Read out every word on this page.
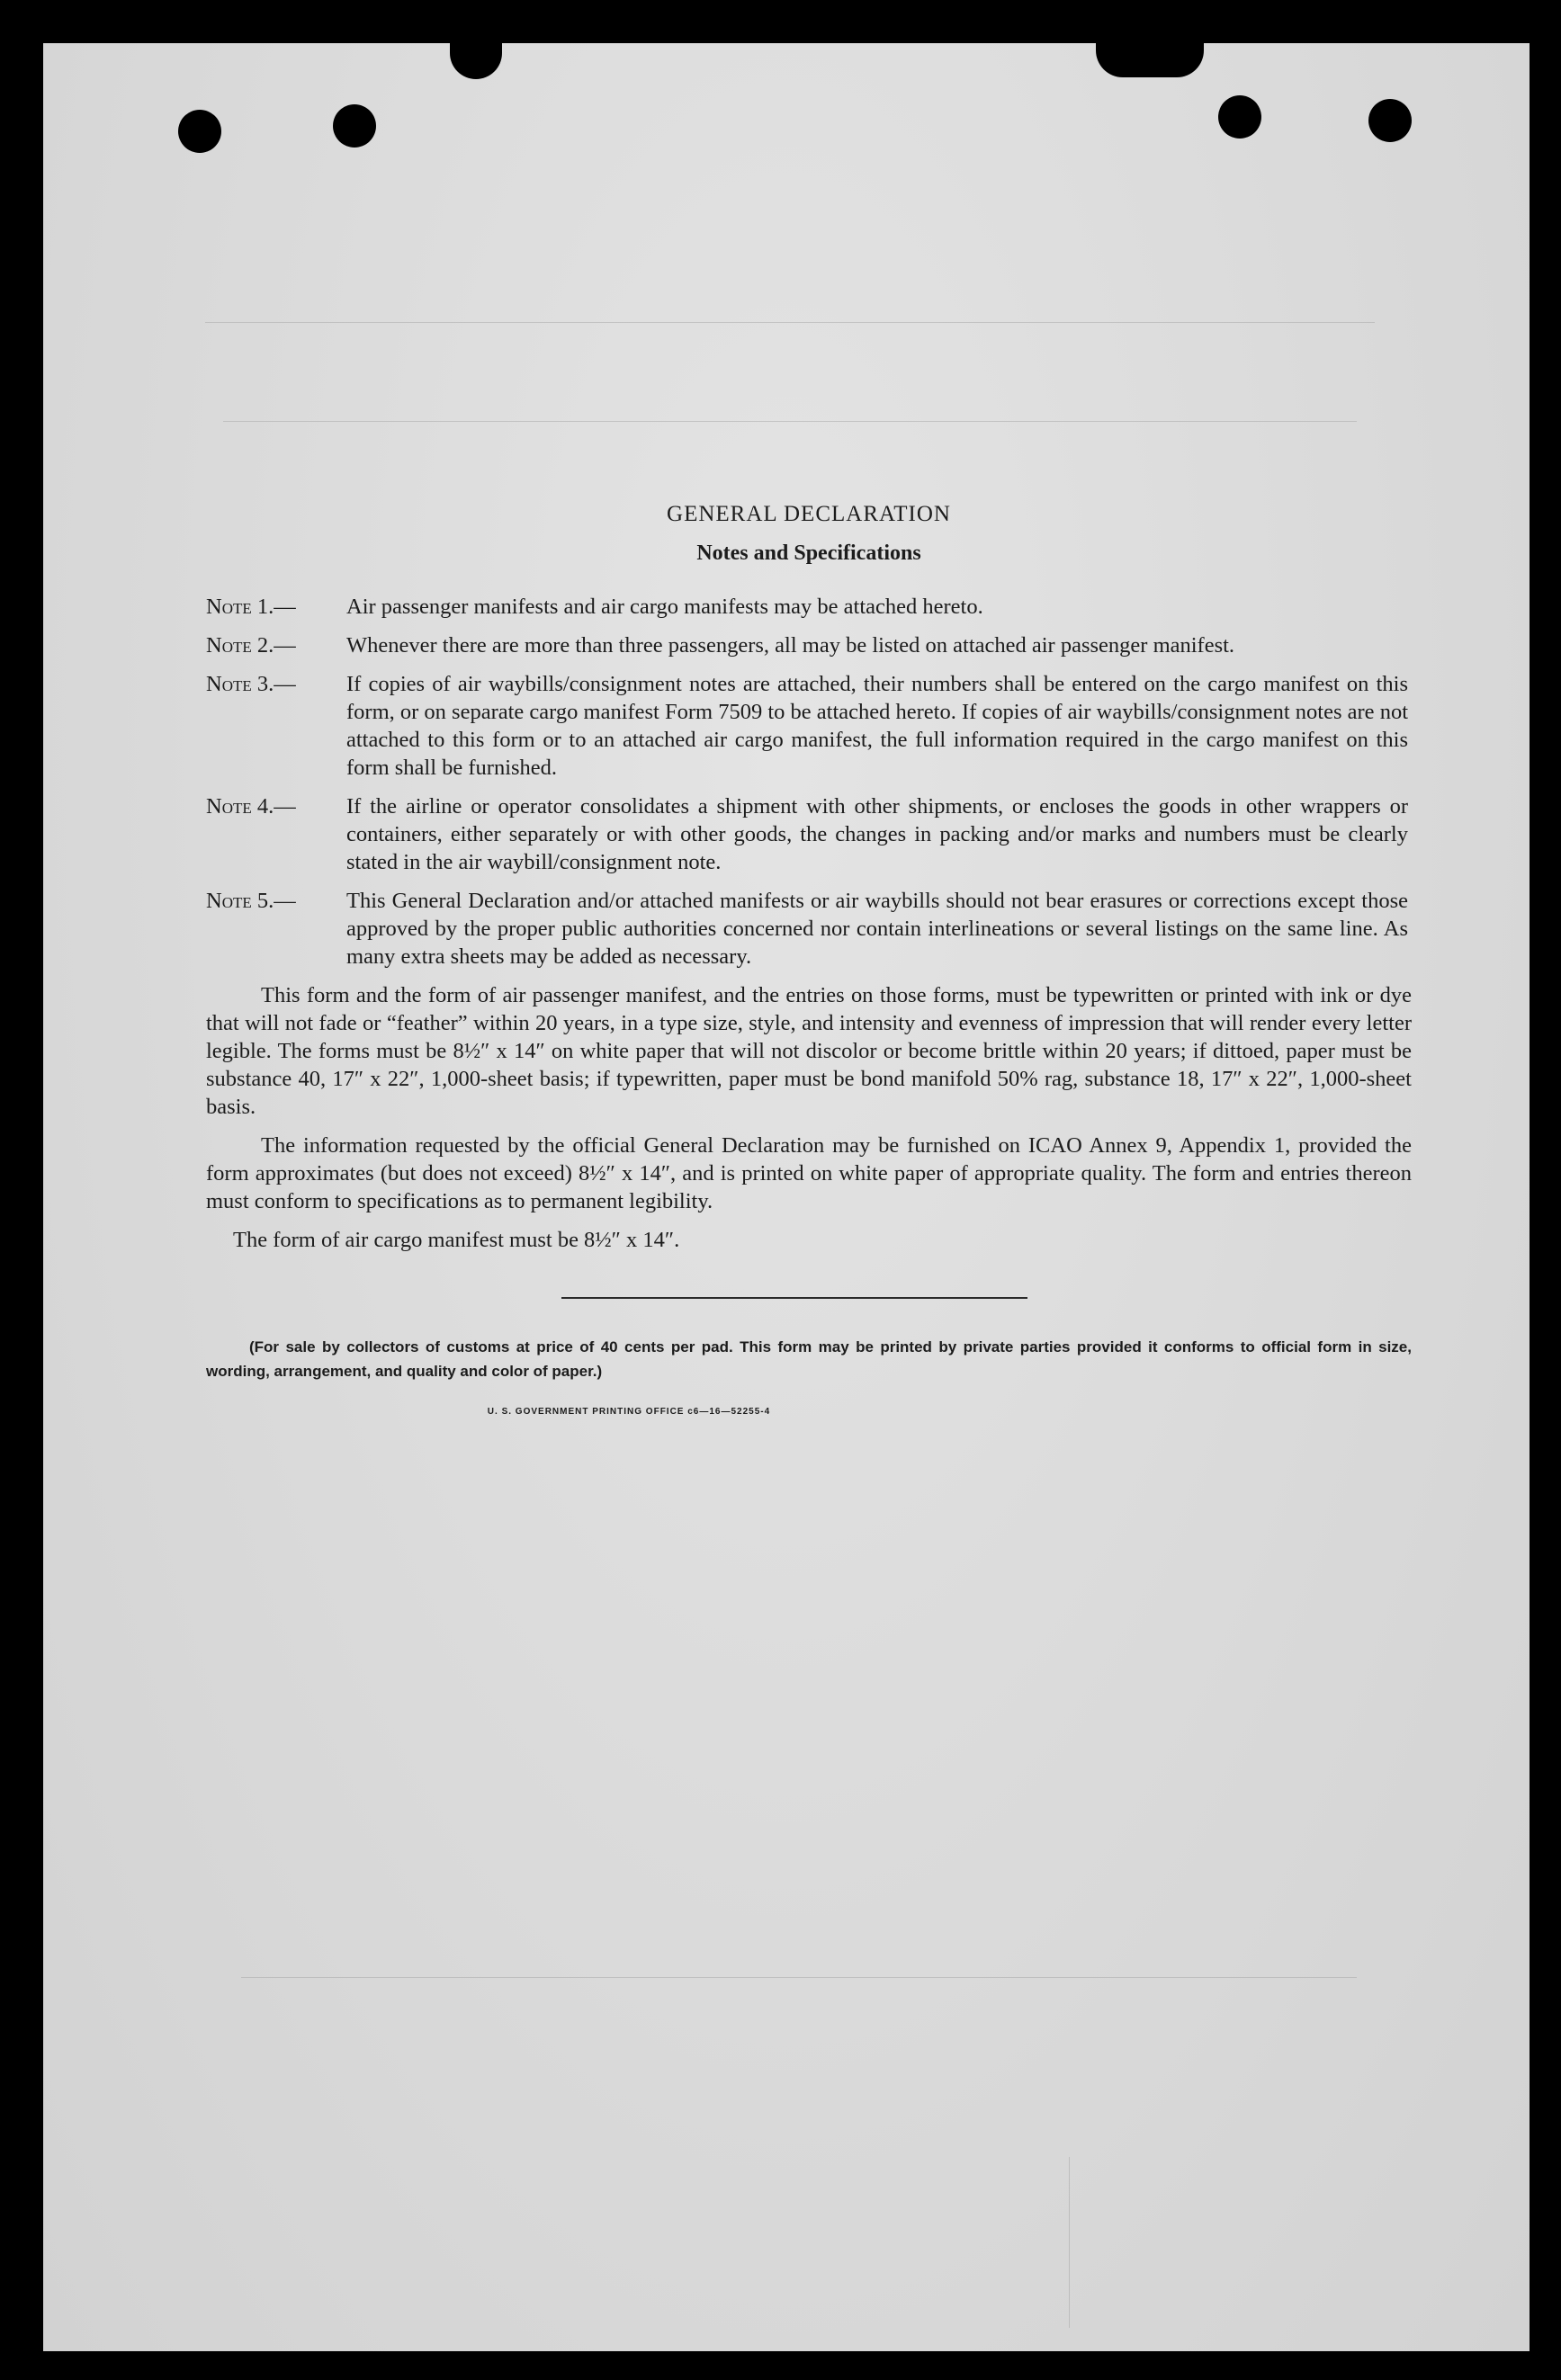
GENERAL DECLARATION
Notes and Specifications
Note 1.—	Air passenger manifests and air cargo manifests may be attached hereto.
Note 2.—	Whenever there are more than three passengers, all may be listed on attached air passenger manifest.
Note 3.—	If copies of air waybills/consignment notes are attached, their numbers shall be entered on the cargo manifest on this form, or on separate cargo manifest Form 7509 to be attached hereto. If copies of air waybills/consignment notes are not attached to this form or to an attached air cargo manifest, the full information required in the cargo manifest on this form shall be furnished.
Note 4.—	If the airline or operator consolidates a shipment with other shipments, or encloses the goods in other wrappers or containers, either separately or with other goods, the changes in packing and/or marks and numbers must be clearly stated in the air waybill/consignment note.
Note 5.—	This General Declaration and/or attached manifests or air waybills should not bear erasures or corrections except those approved by the proper public authorities concerned nor contain interlineations or several listings on the same line. As many extra sheets may be added as necessary.

This form and the form of air passenger manifest, and the entries on those forms, must be typewritten or printed with ink or dye that will not fade or “feather” within 20 years, in a type size, style, and intensity and evenness of impression that will render every letter legible. The forms must be 8½″ x 14″ on white paper that will not discolor or become brittle within 20 years; if dittoed, paper must be substance 40, 17″ x 22″, 1,000-sheet basis; if typewritten, paper must be bond manifold 50% rag, substance 18, 17″ x 22″, 1,000-sheet basis.

The information requested by the official General Declaration may be furnished on ICAO Annex 9, Appendix 1, provided the form approximates (but does not exceed) 8½″ x 14″, and is printed on white paper of appropriate quality. The form and entries thereon must conform to specifications as to permanent legibility.

The form of air cargo manifest must be 8½″ x 14″.

(For sale by collectors of customs at price of 40 cents per pad. This form may be printed by private parties provided it conforms to official form in size, wording, arrangement, and quality and color of paper.)

U. S. GOVERNMENT PRINTING OFFICE c6—16—52255-4
